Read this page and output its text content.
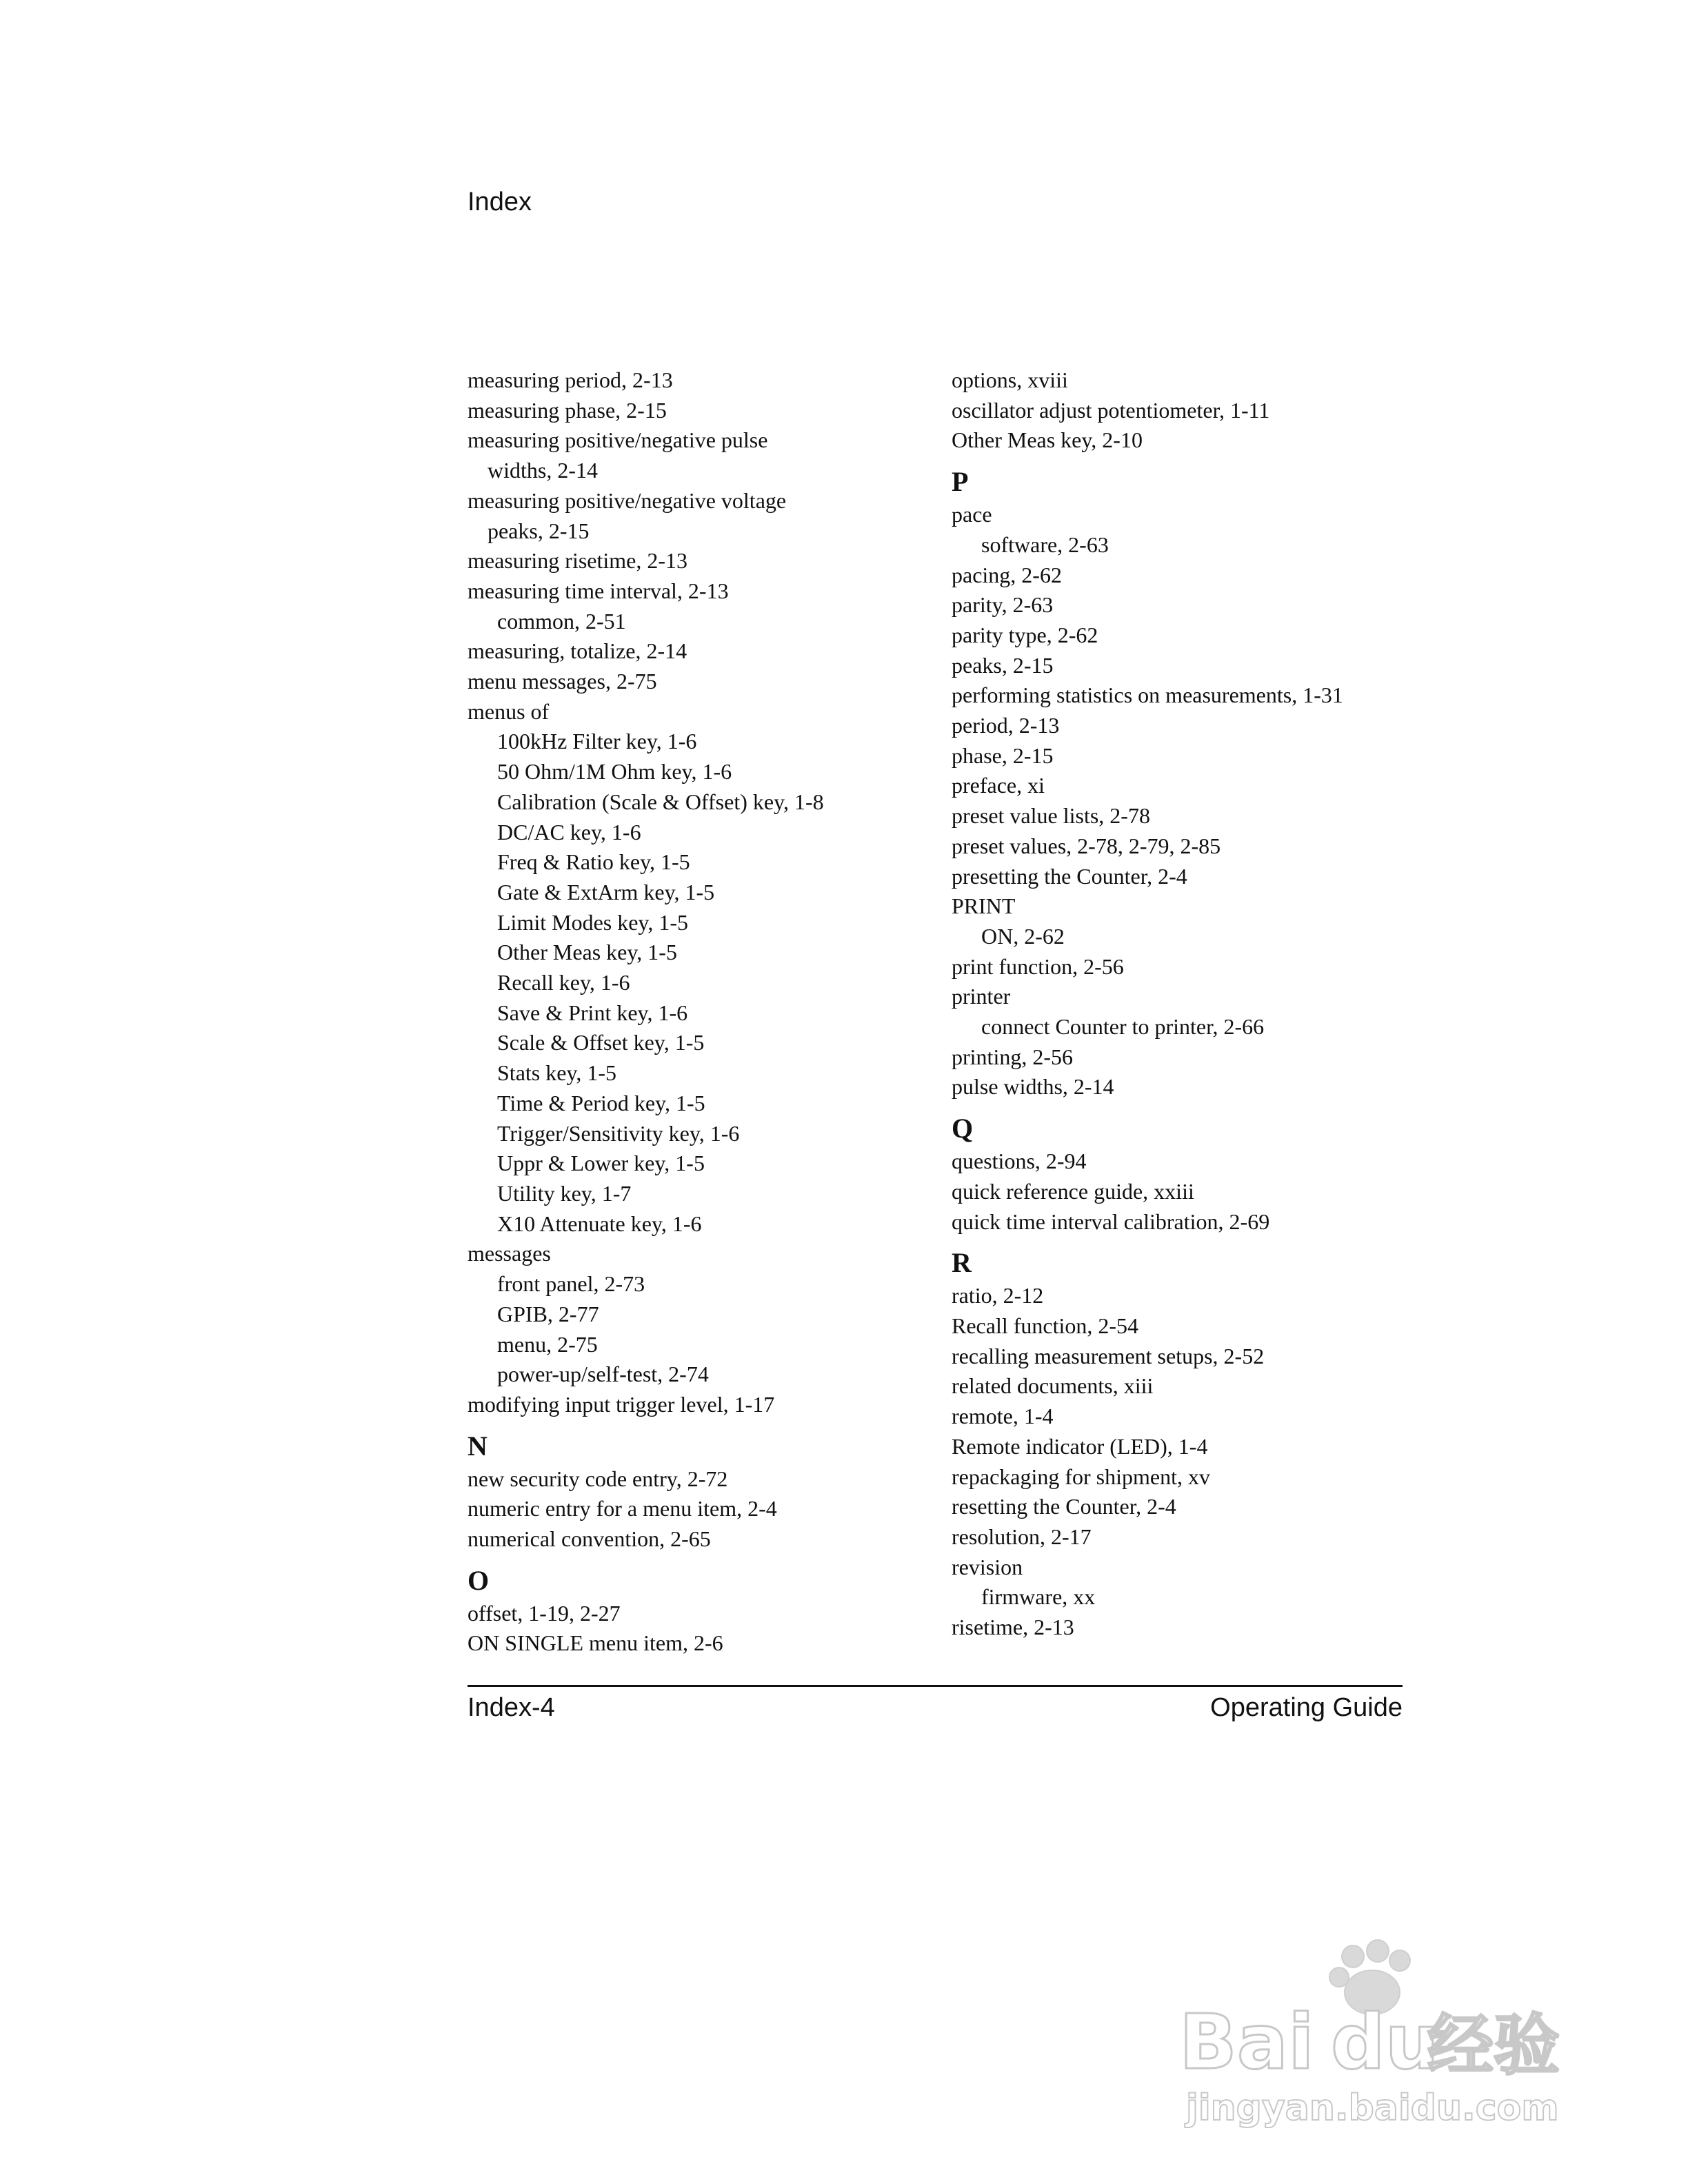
Index
measuring period, 2-13
measuring phase, 2-15
measuring positive/negative pulse
widths, 2-14
measuring positive/negative voltage
peaks, 2-15
measuring risetime, 2-13
measuring time interval, 2-13
common, 2-51
measuring, totalize, 2-14
menu messages, 2-75
menus of
100kHz Filter key, 1-6
50 Ohm/1M Ohm key, 1-6
Calibration (Scale & Offset) key, 1-8
DC/AC key, 1-6
Freq & Ratio key, 1-5
Gate & ExtArm key, 1-5
Limit Modes key, 1-5
Other Meas key, 1-5
Recall key, 1-6
Save & Print key, 1-6
Scale & Offset key, 1-5
Stats key, 1-5
Time & Period key, 1-5
Trigger/Sensitivity key, 1-6
Uppr & Lower key, 1-5
Utility key, 1-7
X10 Attenuate key, 1-6
messages
front panel, 2-73
GPIB, 2-77
menu, 2-75
power-up/self-test, 2-74
modifying input trigger level, 1-17
N
new security code entry, 2-72
numeric entry for a menu item, 2-4
numerical convention, 2-65
O
offset, 1-19, 2-27
ON SINGLE menu item, 2-6
options, xviii
oscillator adjust potentiometer, 1-11
Other Meas key, 2-10
P
pace
software, 2-63
pacing, 2-62
parity, 2-63
parity type, 2-62
peaks, 2-15
performing statistics on measurements, 1-31
period, 2-13
phase, 2-15
preface, xi
preset value lists, 2-78
preset values, 2-78, 2-79, 2-85
presetting the Counter, 2-4
PRINT
ON, 2-62
print function, 2-56
printer
connect Counter to printer, 2-66
printing, 2-56
pulse widths, 2-14
Q
questions, 2-94
quick reference guide, xxiii
quick time interval calibration, 2-69
R
ratio, 2-12
Recall function, 2-54
recalling measurement setups, 2-52
related documents, xiii
remote, 1-4
Remote indicator (LED), 1-4
repackaging for shipment, xv
resetting the Counter, 2-4
resolution, 2-17
revision
firmware, xx
risetime, 2-13
Index-4	Operating Guide
Bai du
经验
jingyan.baidu.com
